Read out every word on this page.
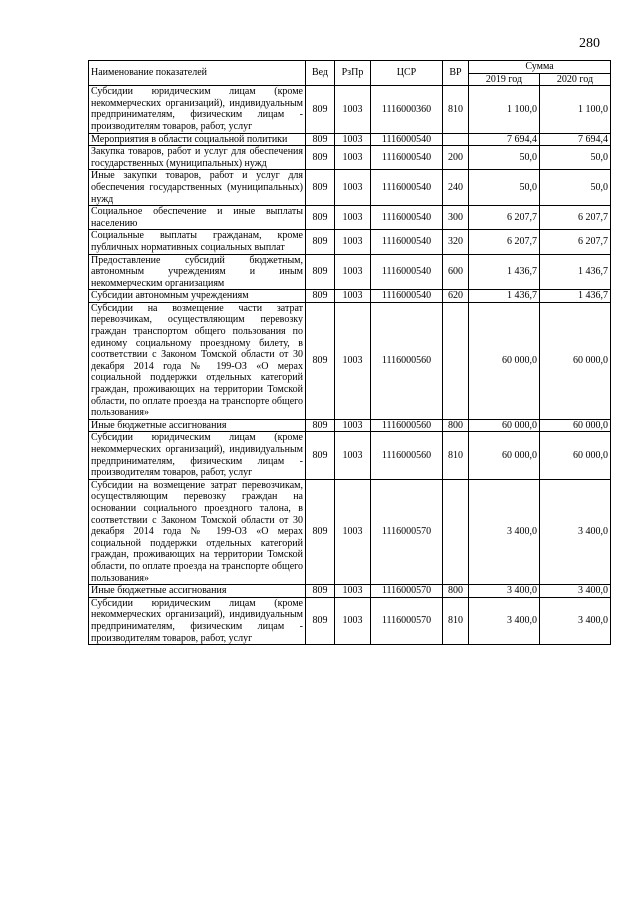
280
Наименование показателей	Вед	РзПр	ЦСР	ВР	Сумма	
					2019 год	2020 год
Субсидии юридическим лицам (кроме некоммерческих организаций), индивидуальным предпринимателям, физическим лицам - производителям товаров, работ, услуг	809	1003	1116000360	810	1 100,0	1 100,0
Мероприятия в области социальной политики	809	1003	1116000540		7 694,4	7 694,4
Закупка товаров, работ и услуг для обеспечения государственных (муниципальных) нужд	809	1003	1116000540	200	50,0	50,0
Иные закупки товаров, работ и услуг для обеспечения государственных (муниципальных) нужд	809	1003	1116000540	240	50,0	50,0
Социальное обеспечение и иные выплаты населению	809	1003	1116000540	300	6 207,7	6 207,7
Социальные выплаты гражданам, кроме публичных нормативных социальных выплат	809	1003	1116000540	320	6 207,7	6 207,7
Предоставление субсидий бюджетным, автономным учреждениям и иным некоммерческим организациям	809	1003	1116000540	600	1 436,7	1 436,7
Субсидии автономным учреждениям	809	1003	1116000540	620	1 436,7	1 436,7
Субсидии на возмещение части затрат перевозчикам, осуществляющим перевозку граждан транспортом общего пользования по единому социальному проездному билету, в соответствии с Законом Томской области от 30 декабря 2014 года № 199-ОЗ «О мерах социальной поддержки отдельных категорий граждан, проживающих на территории Томской области, по оплате проезда на транспорте общего пользования»	809	1003	1116000560		60 000,0	60 000,0
Иные бюджетные ассигнования	809	1003	1116000560	800	60 000,0	60 000,0
Субсидии юридическим лицам (кроме некоммерческих организаций), индивидуальным предпринимателям, физическим лицам - производителям товаров, работ, услуг	809	1003	1116000560	810	60 000,0	60 000,0
Субсидии на возмещение затрат перевозчикам, осуществляющим перевозку граждан на основании социального проездного талона, в соответствии с Законом Томской области от 30 декабря 2014 года № 199-ОЗ «О мерах социальной поддержки отдельных категорий граждан, проживающих на территории Томской области, по оплате проезда на транспорте общего пользования»	809	1003	1116000570		3 400,0	3 400,0
Иные бюджетные ассигнования	809	1003	1116000570	800	3 400,0	3 400,0
Субсидии юридическим лицам (кроме некоммерческих организаций), индивидуальным предпринимателям, физическим лицам - производителям товаров, работ, услуг	809	1003	1116000570	810	3 400,0	3 400,0
